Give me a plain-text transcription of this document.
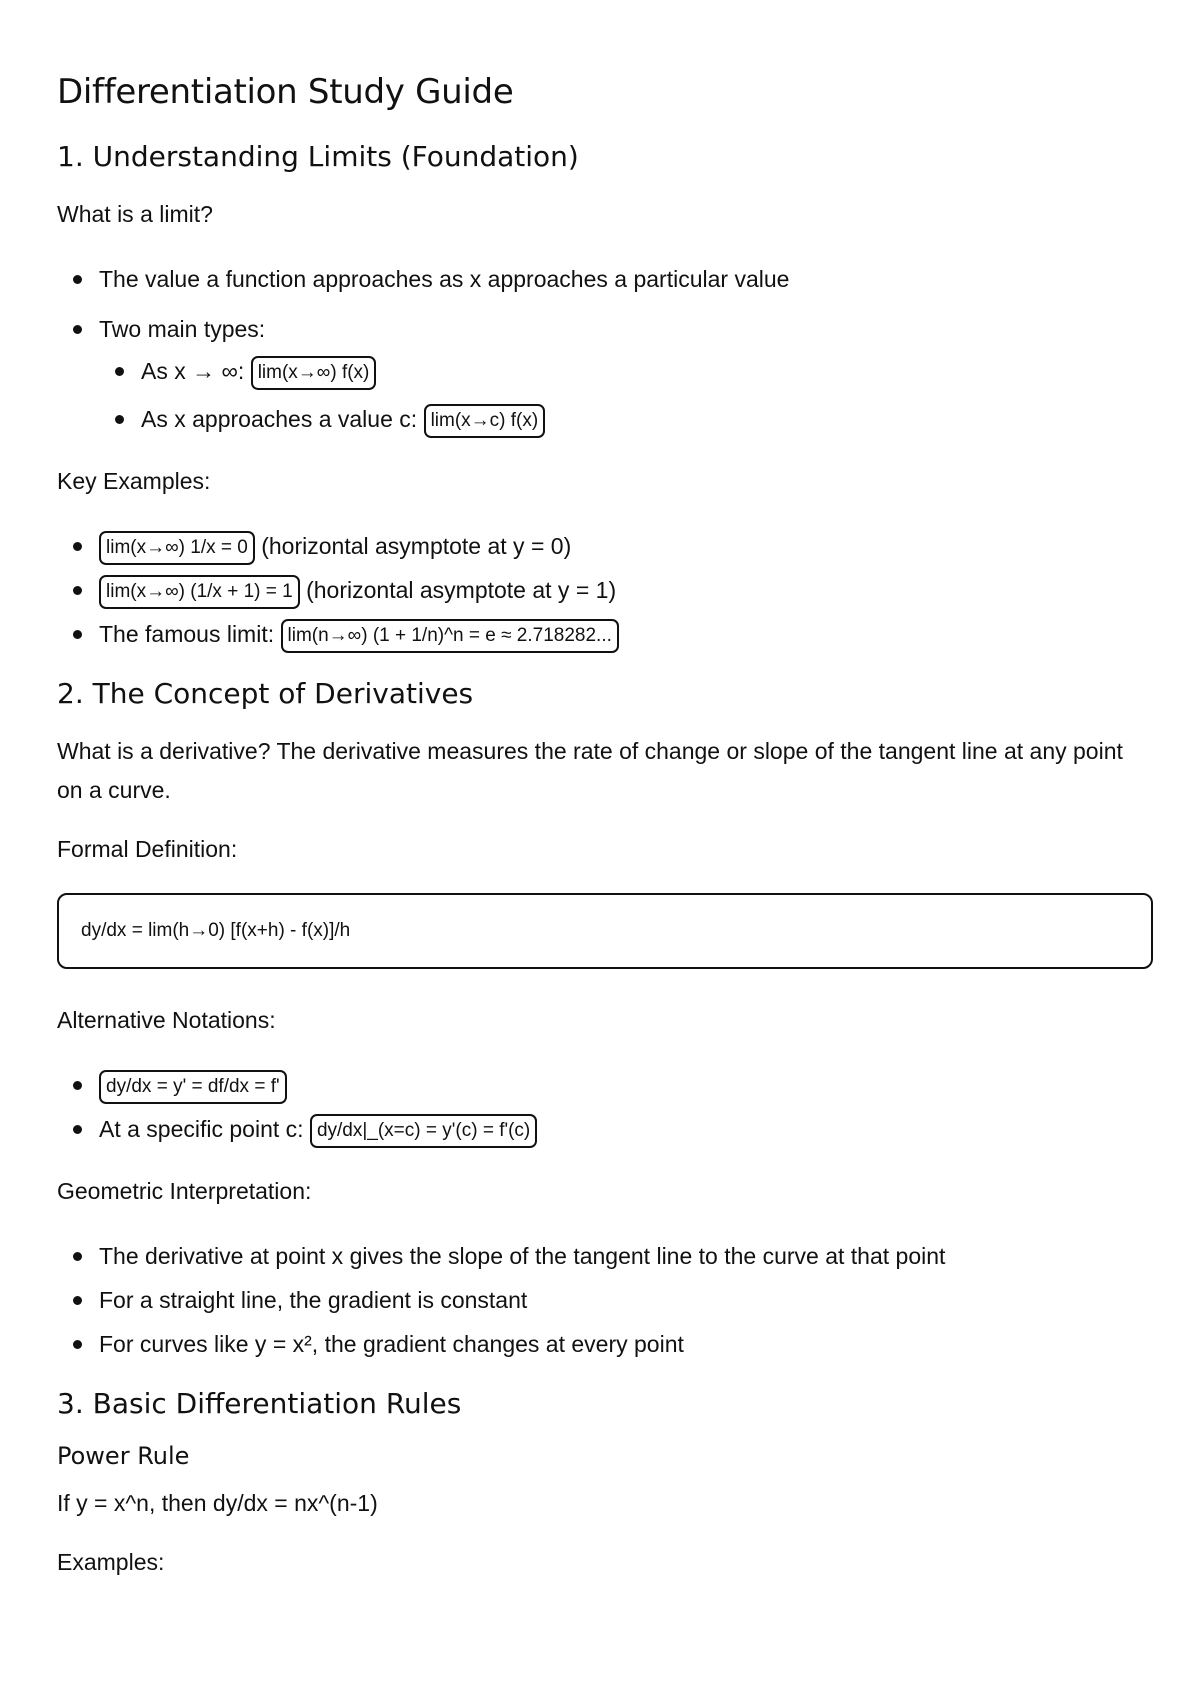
Differentiation Study Guide
1. Understanding Limits (Foundation)

What is a limit?

The value a function approaches as x approaches a particular value
Two main types:
As x → ∞: lim(x→∞) f(x)
As x approaches a value c: lim(x→c) f(x)

Key Examples:

lim(x→∞) 1/x = 0 (horizontal asymptote at y = 0)
lim(x→∞) (1/x + 1) = 1 (horizontal asymptote at y = 1)
The famous limit: lim(n→∞) (1 + 1/n)^n = e ≈ 2.718282...
2. The Concept of Derivatives

What is a derivative? The derivative measures the rate of change or slope of the tangent line at any point on a curve.

Formal Definition:

dy/dx = lim(h→0) [f(x+h) - f(x)]/h

Alternative Notations:

dy/dx = y' = df/dx = f'
At a specific point c: dy/dx|_(x=c) = y'(c) = f'(c)

Geometric Interpretation:

The derivative at point x gives the slope of the tangent line to the curve at that point
For a straight line, the gradient is constant
For curves like y = x², the gradient changes at every point
3. Basic Differentiation Rules
Power Rule

If y = x^n, then dy/dx = nx^(n-1)

Examples:
